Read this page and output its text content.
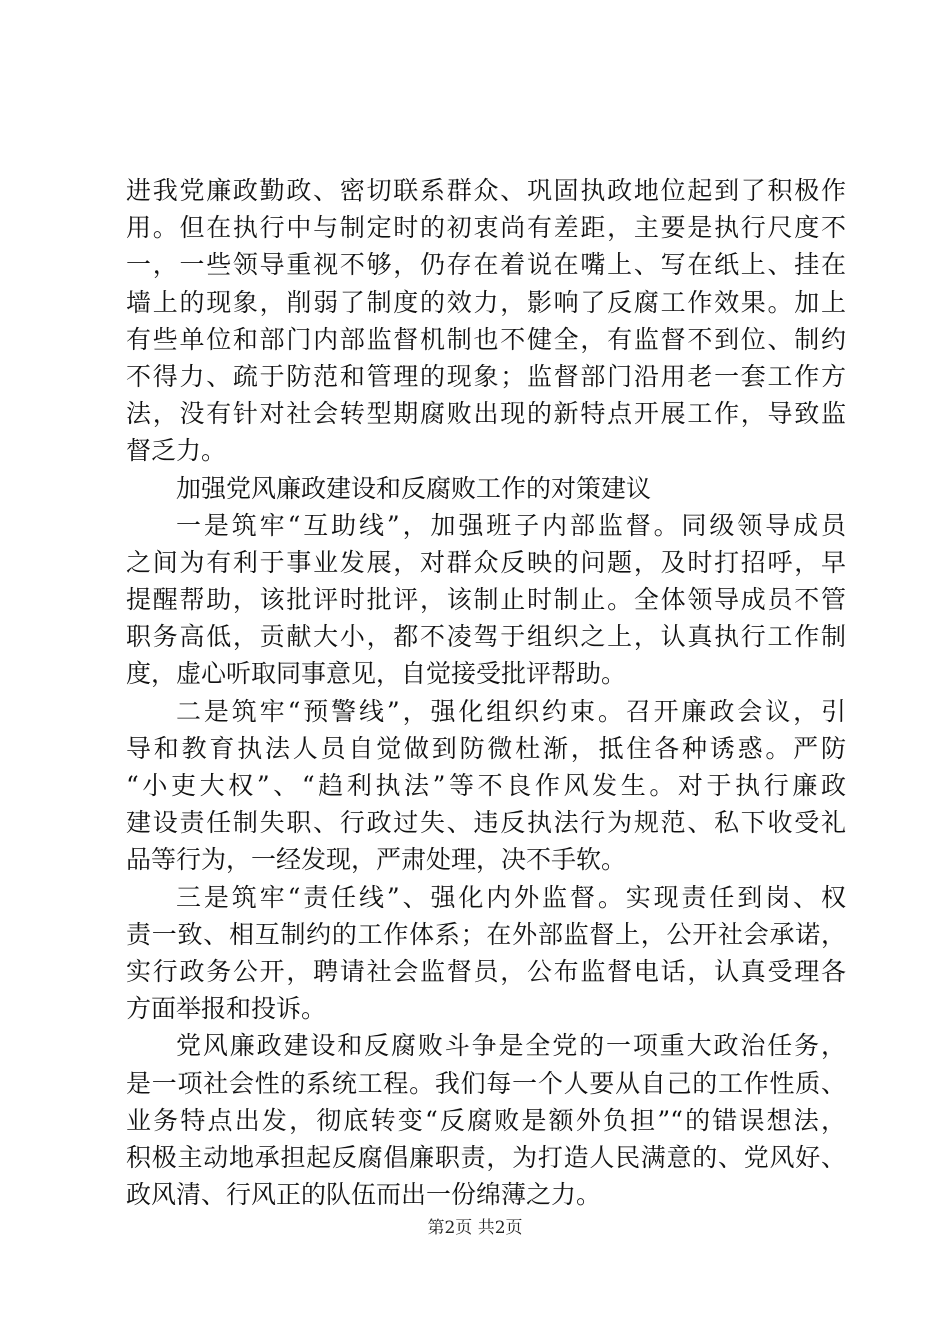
进我党廉政勤政、密切联系群众、巩固执政地位起到了积极作
用。但在执行中与制定时的初衷尚有差距，主要是执行尺度不
一，一些领导重视不够，仍存在着说在嘴上、写在纸上、挂在
墙上的现象，削弱了制度的效力，影响了反腐工作效果。加上
有些单位和部门内部监督机制也不健全，有监督不到位、制约
不得力、疏于防范和管理的现象；监督部门沿用老一套工作方
法，没有针对社会转型期腐败出现的新特点开展工作，导致监
督乏力。
加强党风廉政建设和反腐败工作的对策建议
一是筑牢“互助线”，加强班子内部监督。同级领导成员
之间为有利于事业发展，对群众反映的问题，及时打招呼，早
提醒帮助，该批评时批评，该制止时制止。全体领导成员不管
职务高低，贡献大小，都不凌驾于组织之上，认真执行工作制
度，虚心听取同事意见，自觉接受批评帮助。
二是筑牢“预警线”，强化组织约束。召开廉政会议，引
导和教育执法人员自觉做到防微杜渐，抵住各种诱惑。严防
“小吏大权”、“趋利执法”等不良作风发生。对于执行廉政
建设责任制失职、行政过失、违反执法行为规范、私下收受礼
品等行为，一经发现，严肃处理，决不手软。
三是筑牢“责任线”、强化内外监督。实现责任到岗、权
责一致、相互制约的工作体系；在外部监督上，公开社会承诺，
实行政务公开，聘请社会监督员，公布监督电话，认真受理各
方面举报和投诉。
党风廉政建设和反腐败斗争是全党的一项重大政治任务，
是一项社会性的系统工程。我们每一个人要从自己的工作性质、
业务特点出发，彻底转变“反腐败是额外负担”“的错误想法，
积极主动地承担起反腐倡廉职责，为打造人民满意的、党风好、
政风清、行风正的队伍而出一份绵薄之力。
第2页 共2页
